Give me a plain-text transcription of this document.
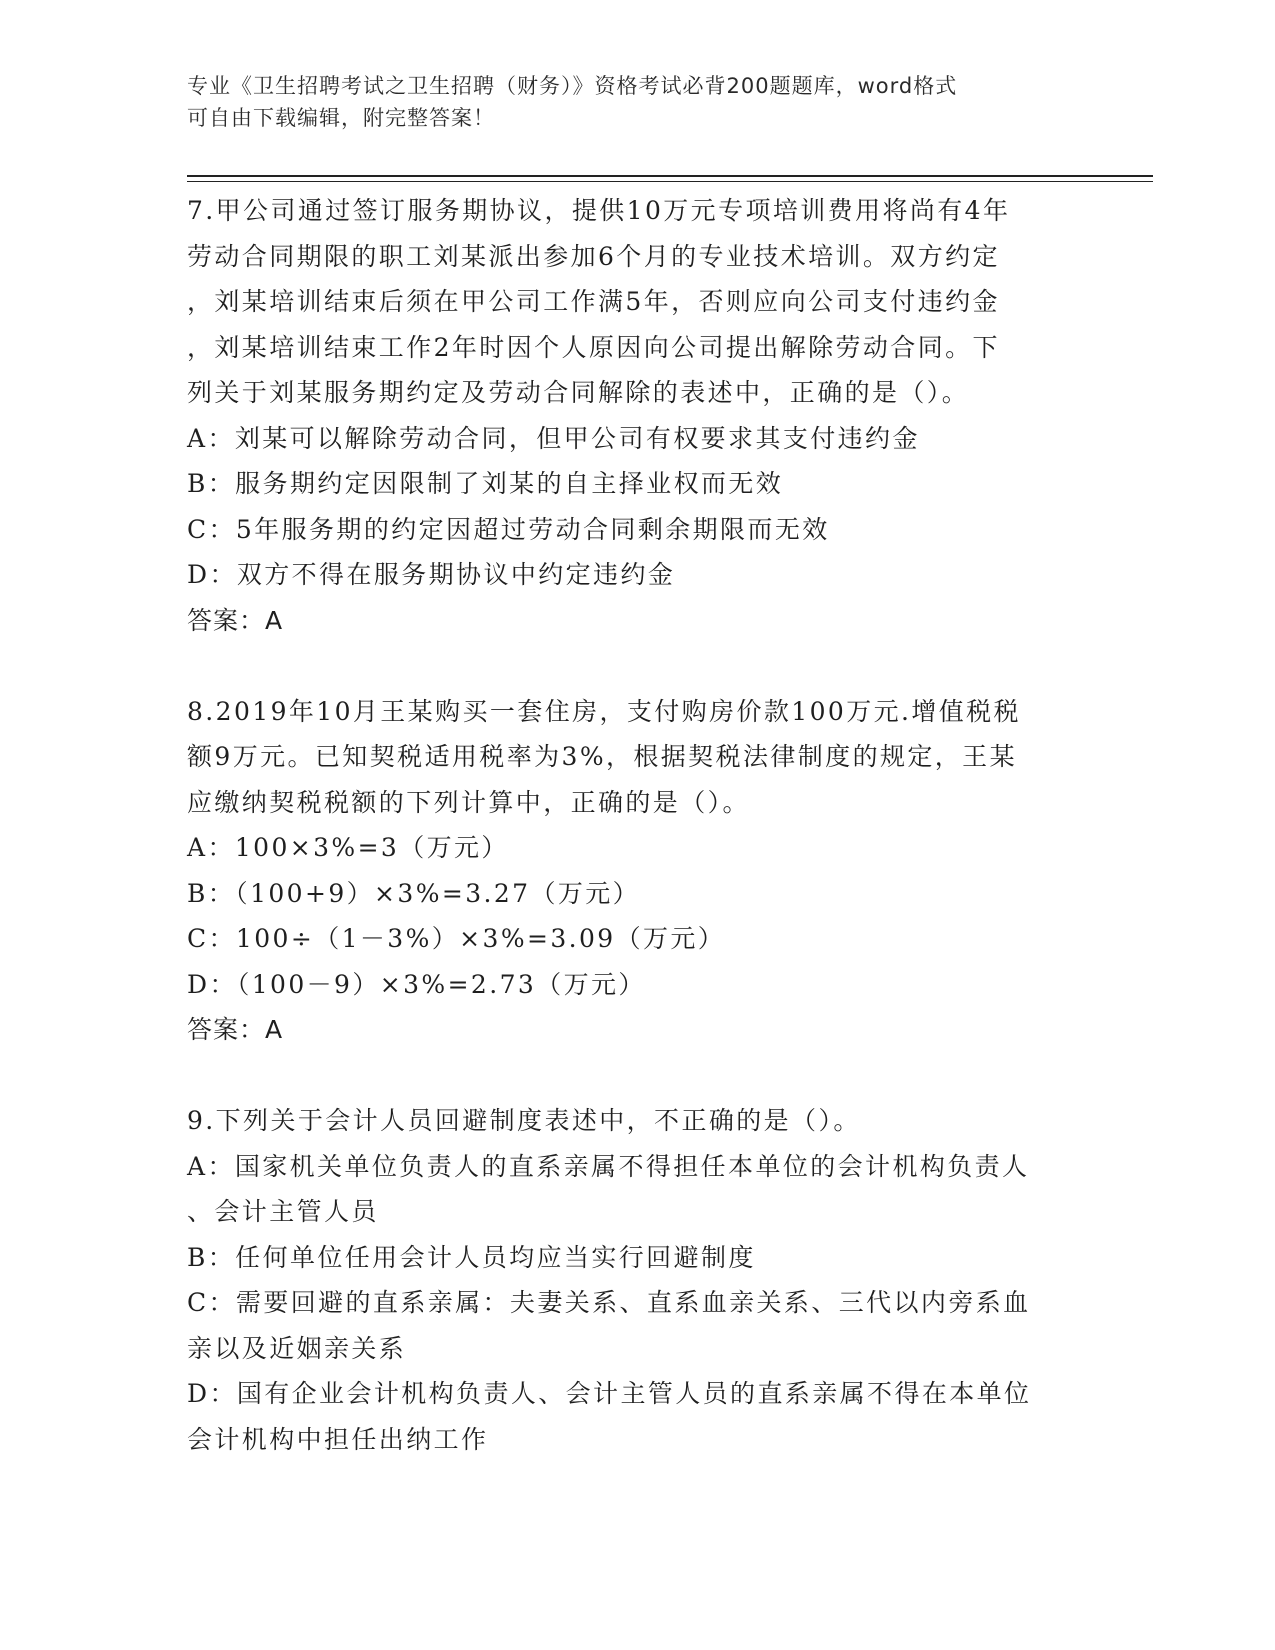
专业《卫生招聘考试之卫生招聘（财务）》资格考试必背200题题库，word格式
可自由下载编辑，附完整答案！
7.甲公司通过签订服务期协议，提供10万元专项培训费用将尚有4年
劳动合同期限的职工刘某派出参加6个月的专业技术培训。双方约定
，刘某培训结束后须在甲公司工作满5年，否则应向公司支付违约金
，刘某培训结束工作2年时因个人原因向公司提出解除劳动合同。下
列关于刘某服务期约定及劳动合同解除的表述中，正确的是（）。
A：刘某可以解除劳动合同，但甲公司有权要求其支付违约金
B：服务期约定因限制了刘某的自主择业权而无效
C：5年服务期的约定因超过劳动合同剩余期限而无效
D：双方不得在服务期协议中约定违约金
答案：A
8.2019年10月王某购买一套住房，支付购房价款100万元.增值税税
额9万元。已知契税适用税率为3%，根据契税法律制度的规定，王某
应缴纳契税税额的下列计算中，正确的是（）。
A：100×3%=3（万元）
B：（100+9）×3%=3.27（万元）
C：100÷（1－3%）×3%=3.09（万元）
D：（100－9）×3%=2.73（万元）
答案：A
9.下列关于会计人员回避制度表述中，不正确的是（）。
A：国家机关单位负责人的直系亲属不得担任本单位的会计机构负责人
、会计主管人员
B：任何单位任用会计人员均应当实行回避制度
C：需要回避的直系亲属：夫妻关系、直系血亲关系、三代以内旁系血
亲以及近姻亲关系
D：国有企业会计机构负责人、会计主管人员的直系亲属不得在本单位
会计机构中担任出纳工作
